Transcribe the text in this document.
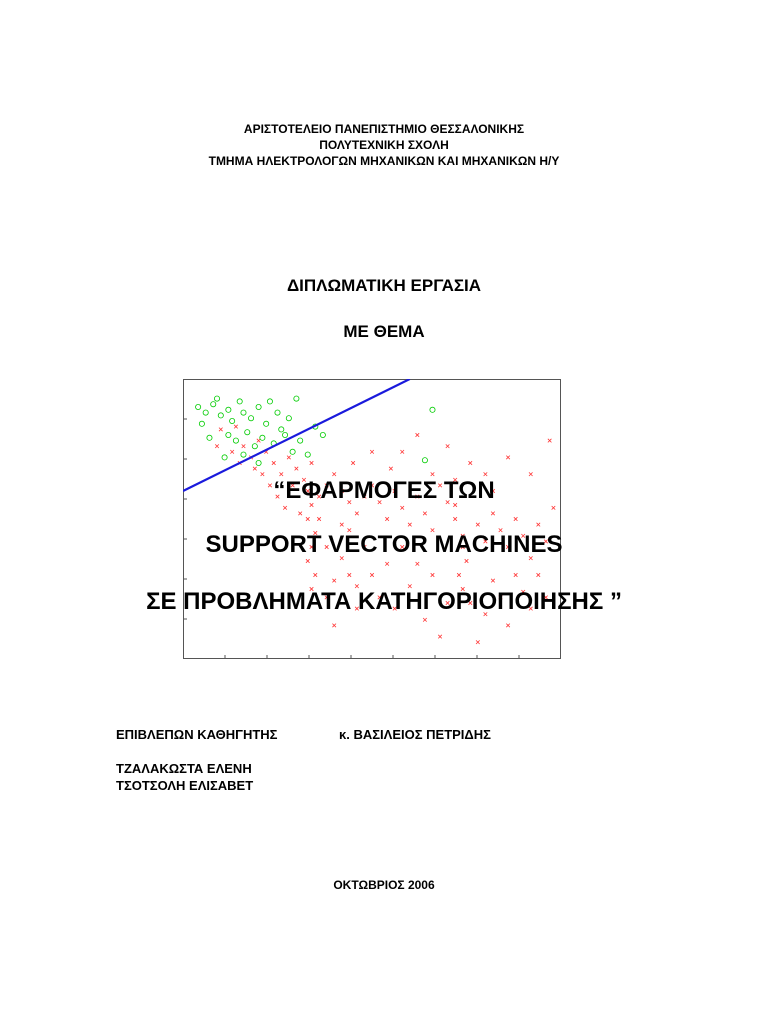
ΑΡΙΣΤΟΤΕΛΕΙΟ ΠΑΝΕΠΙΣΤΗΜΙΟ ΘΕΣΣΑΛΟΝΙΚΗΣ
ΠΟΛΥΤΕΧΝΙΚΗ ΣΧΟΛΗ
ΤΜΗΜΑ ΗΛΕΚΤΡΟΛΟΓΩΝ ΜΗΧΑΝΙΚΩΝ ΚΑΙ ΜΗΧΑΝΙΚΩΝ Η/Υ
ΔΙΠΛΩΜΑΤΙΚΗ ΕΡΓΑΣΙΑ
ΜΕ ΘΕΜΑ
“ΕΦΑΡΜΟΓΕΣ ΤΩΝ
SUPPORT VECTOR MACHINES
ΣΕ ΠΡΟΒΛΗΜΑΤΑ ΚΑΤΗΓΟΡΙΟΠΟΙΗΣΗΣ ”
ΕΠΙΒΛΕΠΩΝ ΚΑΘΗΓΗΤΗΣ	κ. ΒΑΣΙΛΕΙΟΣ ΠΕΤΡΙΔΗΣ
ΤΖΑΛΑΚΩΣΤΑ ΕΛΕΝΗ
ΤΣΟΤΣΟΛΗ ΕΛΙΣΑΒΕΤ
ΟΚΤΩΒΡΙΟΣ 2006
